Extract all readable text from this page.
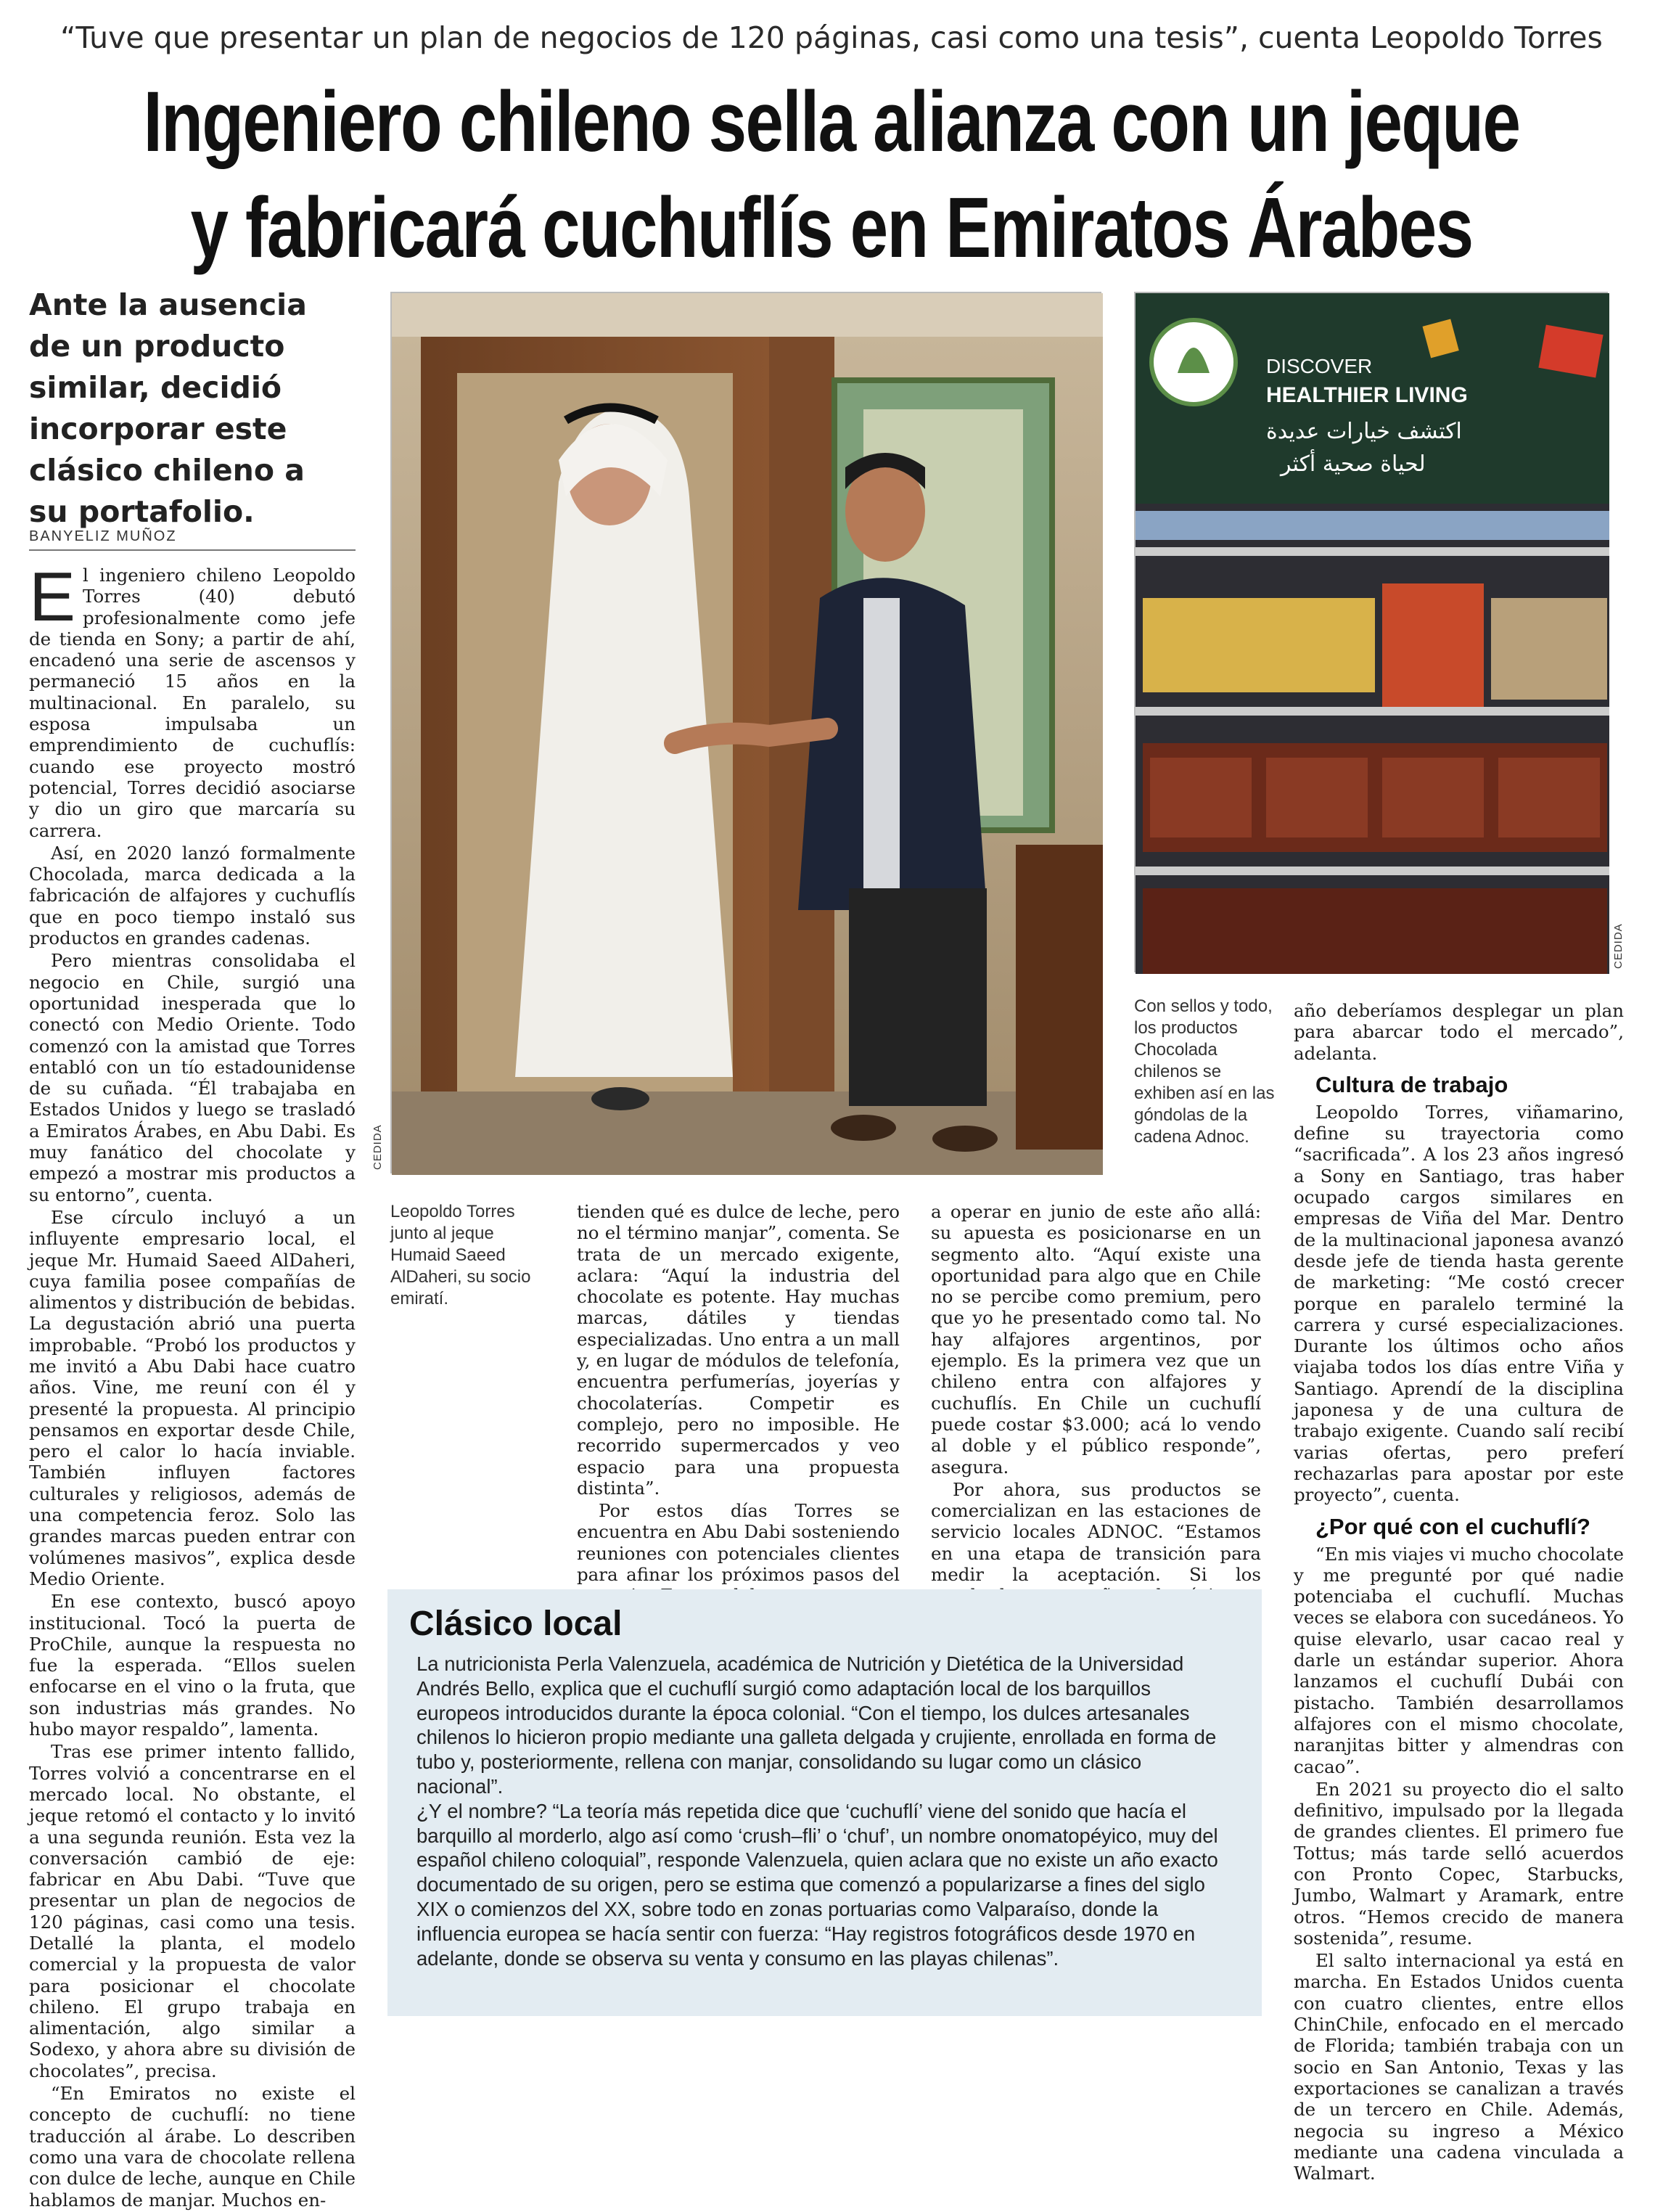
“Tuve que presentar un plan de negocios de 120 páginas, casi como una tesis”, cuenta Leopoldo Torres
Ingeniero chileno sella alianza con un jeque
y fabricará cuchuflís en Emiratos Árabes
Ante la ausencia de un producto similar, decidió incorporar este clásico chileno a su portafolio.
BANYELIZ MUÑOZ

El ingeniero chileno Leopoldo Torres (40) debutó profesionalmente como jefe de tienda en Sony; a partir de ahí, encadenó una serie de ascensos y permaneció 15 años en la multinacional. En paralelo, su esposa impulsaba un emprendimiento de cuchuflís: cuando ese proyecto mostró potencial, Torres decidió asociarse y dio un giro que marcaría su carrera.

Así, en 2020 lanzó formalmente Chocolada, marca dedicada a la fabricación de alfajores y cuchuflís que en poco tiempo instaló sus productos en grandes cadenas.

Pero mientras consolidaba el negocio en Chile, surgió una oportunidad inesperada que lo conectó con Medio Oriente. Todo comenzó con la amistad que Torres entabló con un tío estadounidense de su cuñada. “Él trabajaba en Estados Unidos y luego se trasladó a Emiratos Árabes, en Abu Dabi. Es muy fanático del chocolate y empezó a mostrar mis productos a su entorno”, cuenta.

Ese círculo incluyó a un influyente empresario local, el jeque Mr. Humaid Saeed AlDaheri, cuya familia posee compañías de alimentos y distribución de bebidas. La degustación abrió una puerta improbable. “Probó los productos y me invitó a Abu Dabi hace cuatro años. Vine, me reuní con él y presenté la propuesta. Al principio pensamos en exportar desde Chile, pero el calor lo hacía inviable. También influyen factores culturales y religiosos, además de una competencia feroz. Solo las grandes marcas pueden entrar con volúmenes masivos”, explica desde Medio Oriente.

En ese contexto, buscó apoyo institucional. Tocó la puerta de ProChile, aunque la respuesta no fue la esperada. “Ellos suelen enfocarse en el vino o la fruta, que son industrias más grandes. No hubo mayor respaldo”, lamenta.

Tras ese primer intento fallido, Torres volvió a concentrarse en el mercado local. No obstante, el jeque retomó el contacto y lo invitó a una segunda reunión. Esta vez la conversación cambió de eje: fabricar en Abu Dabi. “Tuve que presentar un plan de negocios de 120 páginas, casi como una tesis. Detallé la planta, el modelo comercial y la propuesta de valor para posicionar el chocolate chileno. El grupo trabaja en alimentación, algo similar a Sodexo, y ahora abre su división de chocolates”, precisa.

“En Emiratos no existe el concepto de cuchuflí: no tiene traducción al árabe. Lo describen como una vara de chocolate rellena con dulce de leche, aunque en Chile hablamos de manjar. Muchos en-

CEDIDA
DISCOVER
HEALTHIER LIVING
اكتشف خيارات عديدة
لحياة صحية أكثر
CEDIDA
Leopoldo Torres junto al jeque Humaid Saeed AlDaheri, su socio emiratí.
Con sellos y todo, los productos Chocolada chilenos se exhiben así en las góndolas de la cadena Adnoc.

tienden qué es dulce de leche, pero no el término manjar”, comenta. Se trata de un mercado exigente, aclara: “Aquí la industria del chocolate es potente. Hay muchas marcas, dátiles y tiendas especializadas. Uno entra a un mall y, en lugar de módulos de telefonía, encuentra perfumerías, joyerías y chocolaterías. Competir es complejo, pero no imposible. He recorrido supermercados y veo espacio para una propuesta distinta”.

Por estos días Torres se encuentra en Abu Dabi sosteniendo reuniones con potenciales clientes para afinar los próximos pasos del

a operar en junio de este año allá: su apuesta es posicionarse en un segmento alto. “Aquí existe una oportunidad para algo que en Chile no se percibe como premium, pero que yo he presentado como tal. No hay alfajores argentinos, por ejemplo. Es la primera vez que un chileno entra con alfajores y cuchuflís. En Chile un cuchuflí puede costar $3.000; acá lo vendo al doble y el público responde”, asegura.

Por ahora, sus productos se comercializan en las estaciones de servicio locales ADNOC. “Estamos en una etapa de transición para medir la aceptación. Si los

año deberíamos desplegar un plan para abarcar todo el mercado”, adelanta.

Cultura de trabajo

Leopoldo Torres, viñamarino, define su trayectoria como “sacrificada”. A los 23 años ingresó a Sony en Santiago, tras haber ocupado cargos similares en empresas de Viña del Mar. Dentro de la multinacional japonesa avanzó desde jefe de tienda hasta gerente de marketing: “Me costó crecer porque en paralelo terminé la carrera y cursé especializaciones. Durante los últimos ocho años viajaba todos los días entre Viña y Santiago. Aprendí de la disciplina japonesa y de una cultura de trabajo exigente. Cuando salí recibí varias ofertas, pero preferí rechazarlas para apostar por este proyecto”, cuenta.

¿Por qué con el cuchuflí?

“En mis viajes vi mucho chocolate y me pregunté por qué nadie potenciaba el cuchuflí. Muchas veces se elabora con sucedáneos. Yo quise elevarlo, usar cacao real y darle un estándar superior. Ahora lanzamos el cuchuflí Dubái con pistacho. También desarrollamos alfajores con el mismo chocolate, naranjitas bitter y almendras con cacao”.

En 2021 su proyecto dio el salto definitivo, impulsado por la llegada de grandes clientes. El primero fue Tottus; más tarde selló acuerdos con Pronto Copec, Starbucks, Jumbo, Walmart y Aramark, entre otros. “Hemos crecido de manera sostenida”, resume.

El salto internacional ya está en marcha. En Estados Unidos cuenta con cuatro clientes, entre ellos ChinChile, enfocado en el mercado de Florida; también trabaja con un socio en San Antonio, Texas y las exportaciones se canalizan a través de un tercero en Chile. Además, negocia su ingreso a México mediante una cadena vinculada a Walmart.

Clásico local

La nutricionista Perla Valenzuela, académica de Nutrición y Dietética de la Universidad Andrés Bello, explica que el cuchuflí surgió como adaptación local de los barquillos europeos introducidos durante la época colonial. “Con el tiempo, los dulces artesanales chilenos lo hicieron propio mediante una galleta delgada y crujiente, enrollada en forma de tubo y, posteriormente, rellena con manjar, consolidando su lugar como un clásico nacional”.

¿Y el nombre? “La teoría más repetida dice que ‘cuchuflí’ viene del sonido que hacía el barquillo al morderlo, algo así como ‘crush–fli’ o ‘chuf’, un nombre onomatopéyico, muy del español chileno coloquial”, responde Valenzuela, quien aclara que no existe un año exacto documentado de su origen, pero se estima que comenzó a popularizarse a fines del siglo XIX o comienzos del XX, sobre todo en zonas portuarias como Valparaíso, donde la influencia europea se hacía sentir con fuerza: “Hay registros fotográficos desde 1970 en adelante, donde se observa su venta y consumo en las playas chilenas”.
